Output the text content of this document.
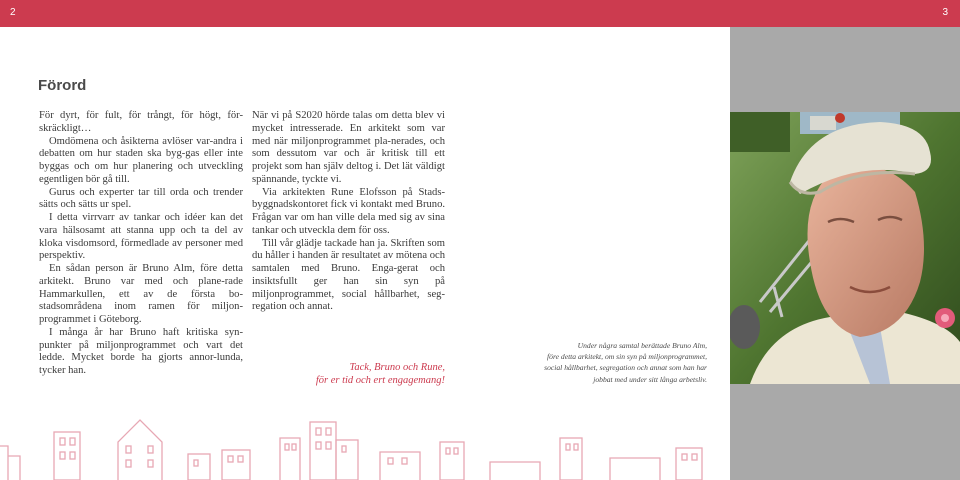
2	3
Förord

För dyrt, för fult, för trångt, för högt, för-skräckligt…

Omdömena och åsikterna avlöser var-andra i debatten om hur staden ska byg-gas eller inte byggas och om hur planering och utveckling egentligen bör gå till.

Gurus och experter tar till orda och trender sätts och sätts ur spel.

I detta virrvarr av tankar och idéer kan det vara hälsosamt att stanna upp och ta del av kloka visdomsord, förmedlade av personer med perspektiv.

En sådan person är Bruno Alm, före detta arkitekt. Bruno var med och plane-rade Hammarkullen, ett av de första bo-stadsområdena inom ramen för miljon-programmet i Göteborg.

I många år har Bruno haft kritiska syn-punkter på miljonprogrammet och vart det ledde. Mycket borde ha gjorts annor-lunda, tycker han.

När vi på S2020 hörde talas om detta blev vi mycket intresserade. En arkitekt som var med när miljonprogrammet pla-nerades, och som dessutom var och är kritisk till ett projekt som han själv deltog i. Det lät väldigt spännande, tyckte vi.

Via arkitekten Rune Elofsson på Stads-byggnadskontoret fick vi kontakt med Bruno. Frågan var om han ville dela med sig av sina tankar och utveckla dem för oss.

Till vår glädje tackade han ja. Skriften som du håller i handen är resultatet av mötena och samtalen med Bruno. Enga-gerat och insiktsfullt ger han sin syn på miljonprogrammet, social hållbarhet, seg-regation och annat.

Tack, Bruno och Rune,
för er tid och ert engagemang!
Under några samtal berättade Bruno Alm,
före detta arkitekt, om sin syn på miljonprogrammet,
social hållbarhet, segregation och annat som han har
jobbat med under sitt långa arbetsliv.
